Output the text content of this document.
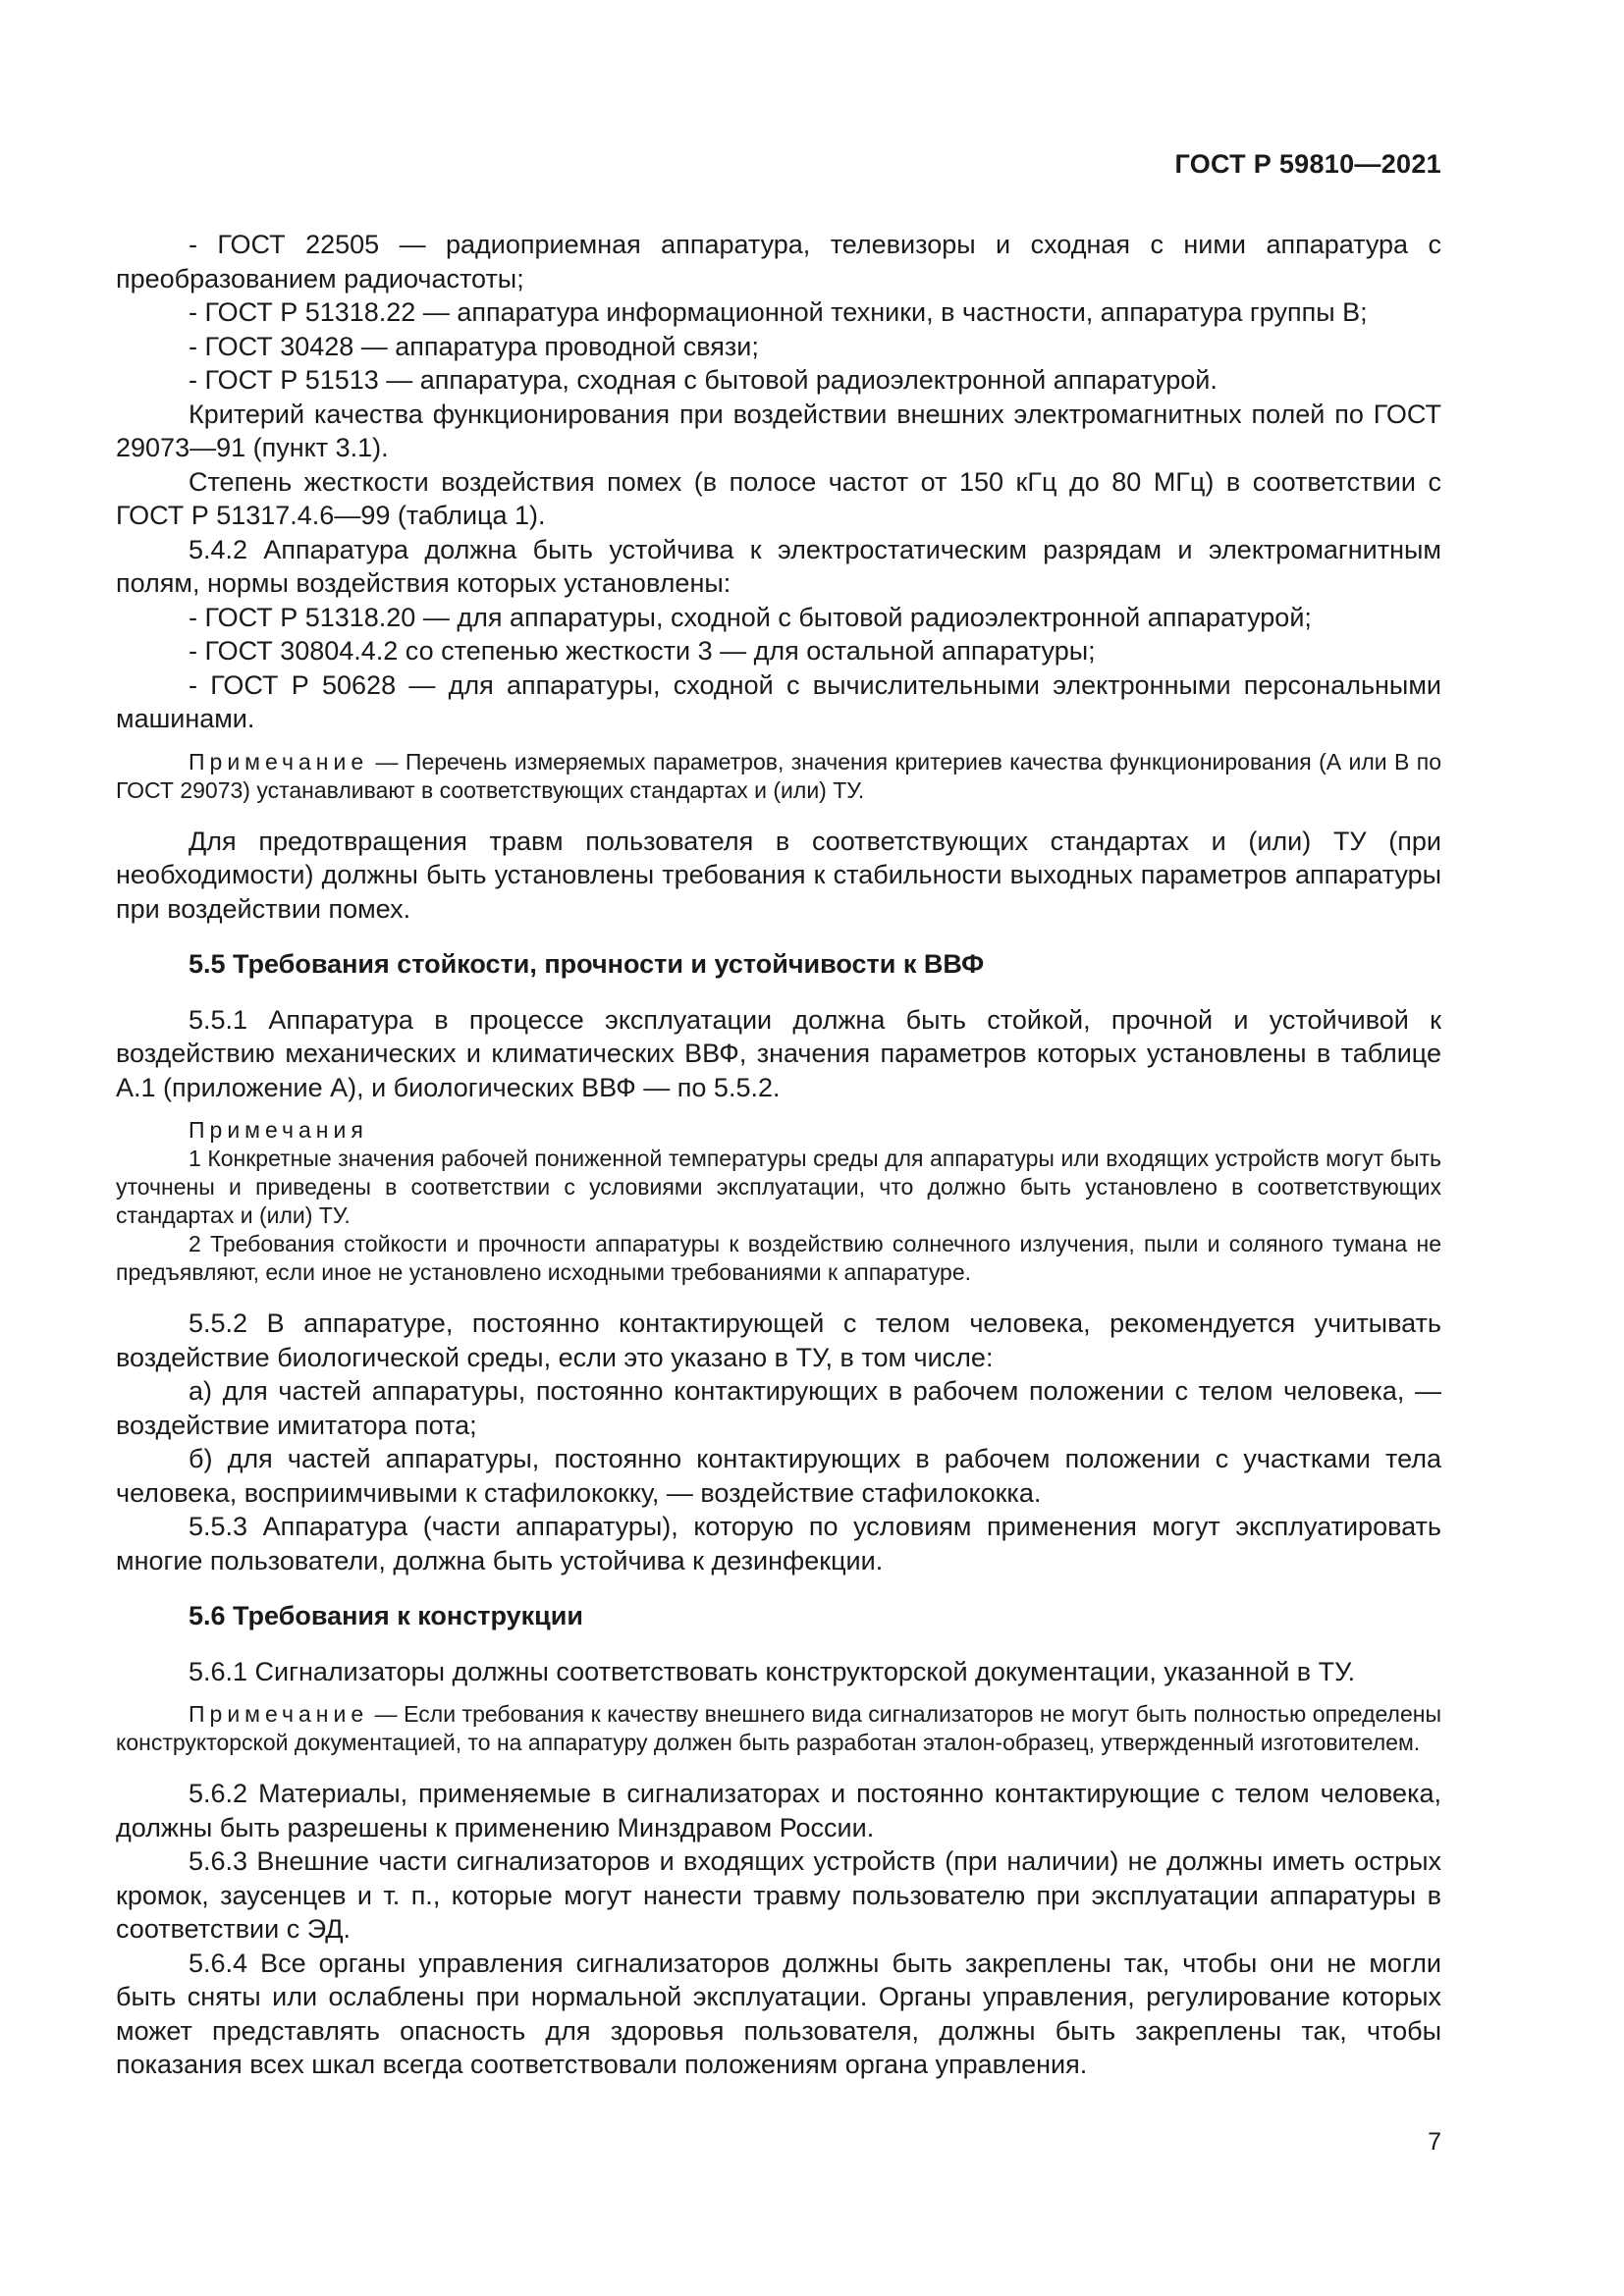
ГОСТ Р 59810—2021

- ГОСТ 22505 — радиоприемная аппаратура, телевизоры и сходная с ними аппаратура с преобразованием радиочастоты;

- ГОСТ Р 51318.22 — аппаратура информационной техники, в частности, аппаратура группы В;

- ГОСТ 30428 — аппаратура проводной связи;

- ГОСТ Р 51513 — аппаратура, сходная с бытовой радиоэлектронной аппаратурой.

Критерий качества функционирования при воздействии внешних электромагнитных полей по ГОСТ 29073—91 (пункт 3.1).

Степень жесткости воздействия помех (в полосе частот от 150 кГц до 80 МГц) в соответствии с ГОСТ Р 51317.4.6—99 (таблица 1).

5.4.2 Аппаратура должна быть устойчива к электростатическим разрядам и электромагнитным полям, нормы воздействия которых установлены:

- ГОСТ Р 51318.20 — для аппаратуры, сходной с бытовой радиоэлектронной аппаратурой;

- ГОСТ 30804.4.2 со степенью жесткости 3 — для остальной аппаратуры;

- ГОСТ Р 50628 — для аппаратуры, сходной с вычислительными электронными персональными машинами.

Примечание — Перечень измеряемых параметров, значения критериев качества функционирования (А или В по ГОСТ 29073) устанавливают в соответствующих стандартах и (или) ТУ.

Для предотвращения травм пользователя в соответствующих стандартах и (или) ТУ (при необходимости) должны быть установлены требования к стабильности выходных параметров аппаратуры при воздействии помех.

5.5 Требования стойкости, прочности и устойчивости к ВВФ

5.5.1 Аппаратура в процессе эксплуатации должна быть стойкой, прочной и устойчивой к воздействию механических и климатических ВВФ, значения параметров которых установлены в таблице А.1 (приложение А), и биологических ВВФ — по 5.5.2.

Примечания

1 Конкретные значения рабочей пониженной температуры среды для аппаратуры или входящих устройств могут быть уточнены и приведены в соответствии с условиями эксплуатации, что должно быть установлено в соответствующих стандартах и (или) ТУ.

2 Требования стойкости и прочности аппаратуры к воздействию солнечного излучения, пыли и соляного тумана не предъявляют, если иное не установлено исходными требованиями к аппаратуре.

5.5.2 В аппаратуре, постоянно контактирующей с телом человека, рекомендуется учитывать воздействие биологической среды, если это указано в ТУ, в том числе:

а) для частей аппаратуры, постоянно контактирующих в рабочем положении с телом человека, — воздействие имитатора пота;

б) для частей аппаратуры, постоянно контактирующих в рабочем положении с участками тела человека, восприимчивыми к стафилококку, — воздействие стафилококка.

5.5.3 Аппаратура (части аппаратуры), которую по условиям применения могут эксплуатировать многие пользователи, должна быть устойчива к дезинфекции.

5.6 Требования к конструкции

5.6.1 Сигнализаторы должны соответствовать конструкторской документации, указанной в ТУ.

Примечание — Если требования к качеству внешнего вида сигнализаторов не могут быть полностью определены конструкторской документацией, то на аппаратуру должен быть разработан эталон-образец, утвержденный изготовителем.

5.6.2 Материалы, применяемые в сигнализаторах и постоянно контактирующие с телом человека, должны быть разрешены к применению Минздравом России.

5.6.3 Внешние части сигнализаторов и входящих устройств (при наличии) не должны иметь острых кромок, заусенцев и т. п., которые могут нанести травму пользователю при эксплуатации аппаратуры в соответствии с ЭД.

5.6.4 Все органы управления сигнализаторов должны быть закреплены так, чтобы они не могли быть сняты или ослаблены при нормальной эксплуатации. Органы управления, регулирование которых может представлять опасность для здоровья пользователя, должны быть закреплены так, чтобы показания всех шкал всегда соответствовали положениям органа управления.

7
